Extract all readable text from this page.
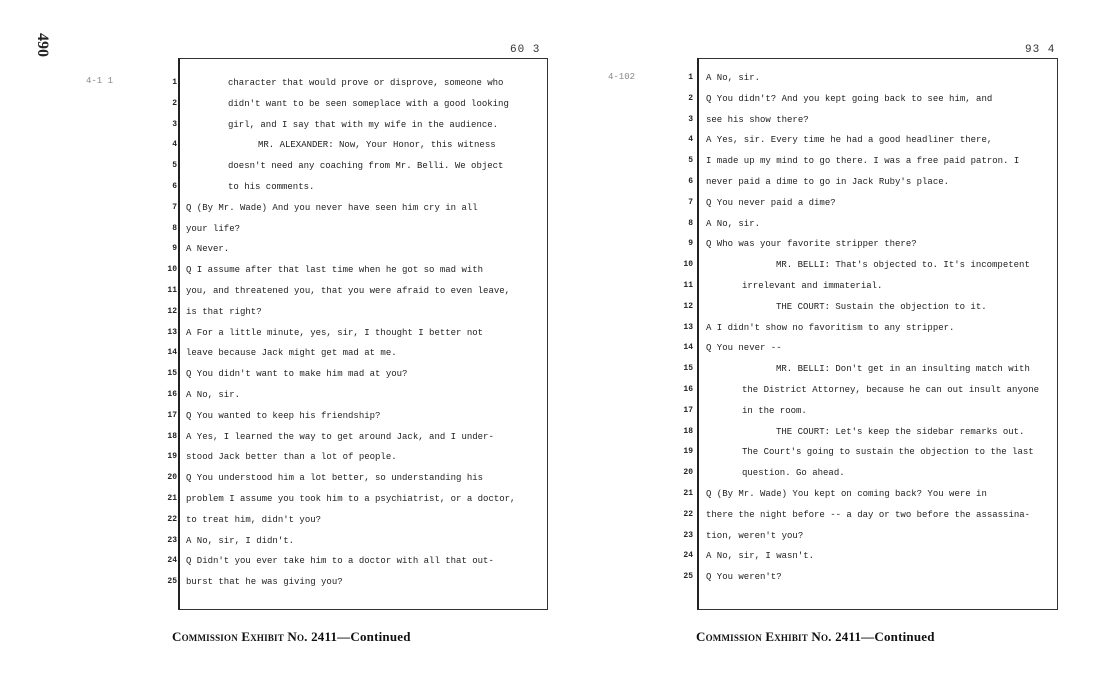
490
4-1 1
60 3
1
2
3
4
5
6
7
8
9
10
11
12
13
14
15
16
17
18
19
20
21
22
23
24
25
character that would prove or disprove, someone who
didn't want to be seen someplace with a good looking
girl, and I say that with my wife in the audience.
MR. ALEXANDER: Now, Your Honor, this witness
doesn't need any coaching from Mr. Belli. We object
to his comments.
Q (By Mr. Wade) And you never have seen him cry in all
your life?
A Never.
Q I assume after that last time when he got so mad with
you, and threatened you, that you were afraid to even leave,
is that right?
A For a little minute, yes, sir, I thought I better not
leave because Jack might get mad at me.
Q You didn't want to make him mad at you?
A No, sir.
Q You wanted to keep his friendship?
A Yes, I learned the way to get around Jack, and I under-
stood Jack better than a lot of people.
Q You understood him a lot better, so understanding his
problem I assume you took him to a psychiatrist, or a doctor,
to treat him, didn't you?
A No, sir, I didn't.
Q Didn't you ever take him to a doctor with all that out-
burst that he was giving you?
Commission Exhibit No. 2411—Continued
4-102
93 4
1
2
3
4
5
6
7
8
9
10
11
12
13
14
15
16
17
18
19
20
21
22
23
24
25
A No, sir.
Q You didn't? And you kept going back to see him, and
see his show there?
A Yes, sir. Every time he had a good headliner there,
I made up my mind to go there. I was a free paid patron. I
never paid a dime to go in Jack Ruby's place.
Q You never paid a dime?
A No, sir.
Q Who was your favorite stripper there?
MR. BELLI: That's objected to. It's incompetent
irrelevant and immaterial.
THE COURT: Sustain the objection to it.
A I didn't show no favoritism to any stripper.
Q You never --
MR. BELLI: Don't get in an insulting match with
the District Attorney, because he can out insult anyone
in the room.
THE COURT: Let's keep the sidebar remarks out.
The Court's going to sustain the objection to the last
question. Go ahead.
Q (By Mr. Wade) You kept on coming back? You were in
there the night before -- a day or two before the assassina-
tion, weren't you?
A No, sir, I wasn't.
Q You weren't?
Commission Exhibit No. 2411—Continued
